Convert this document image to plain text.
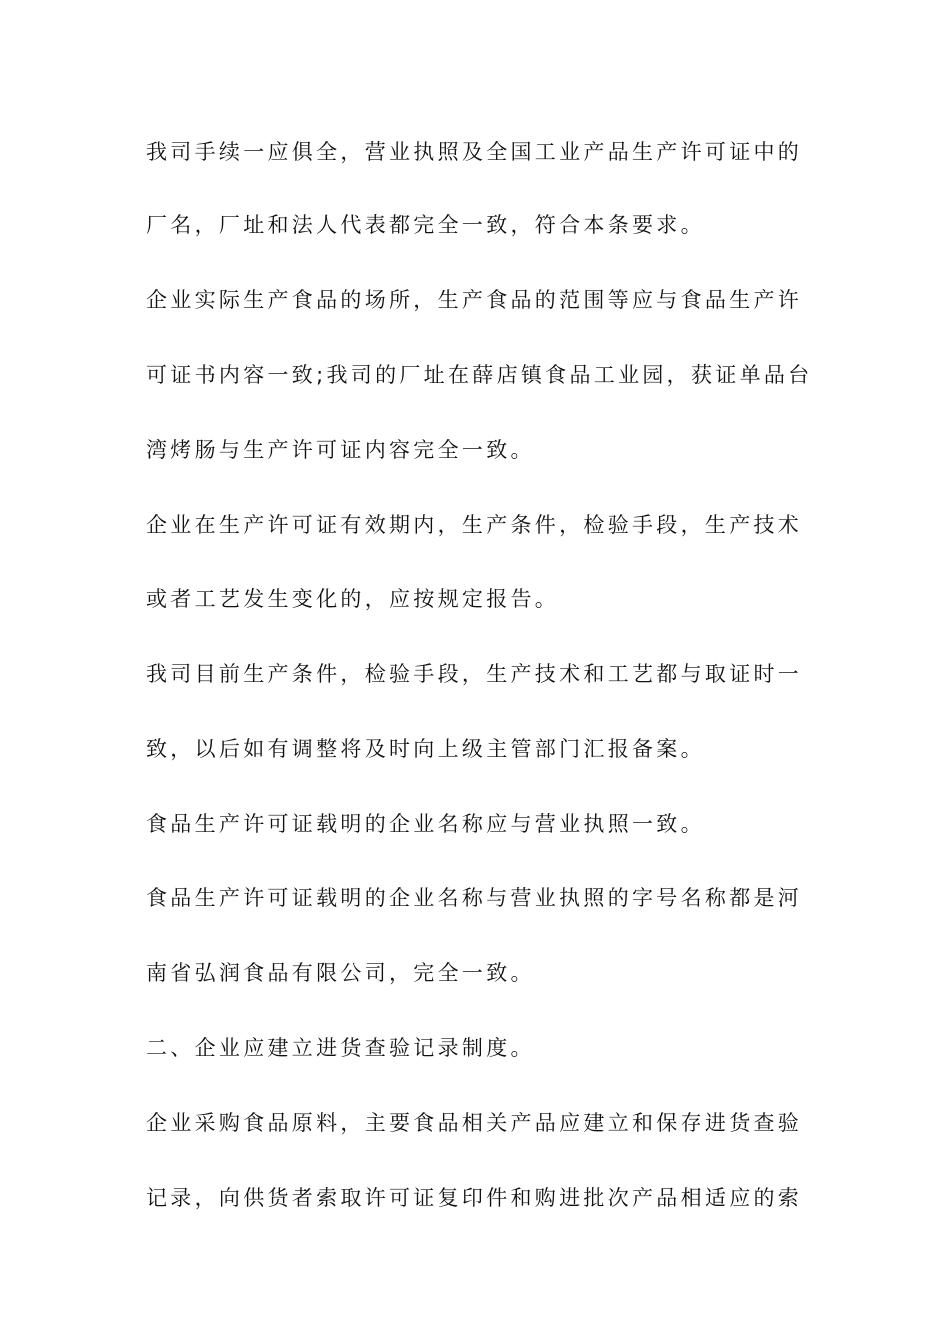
我司手续一应俱全，营业执照及全国工业产品生产许可证中的
厂名，厂址和法人代表都完全一致，符合本条要求。
企业实际生产食品的场所，生产食品的范围等应与食品生产许
可证书内容一致;我司的厂址在薛店镇食品工业园，获证单品台
湾烤肠与生产许可证内容完全一致。
企业在生产许可证有效期内，生产条件，检验手段，生产技术
或者工艺发生变化的，应按规定报告。
我司目前生产条件，检验手段，生产技术和工艺都与取证时一
致，以后如有调整将及时向上级主管部门汇报备案。
食品生产许可证载明的企业名称应与营业执照一致。
食品生产许可证载明的企业名称与营业执照的字号名称都是河
南省弘润食品有限公司，完全一致。
二、企业应建立进货查验记录制度。
企业采购食品原料，主要食品相关产品应建立和保存进货查验
记录，向供货者索取许可证复印件和购进批次产品相适应的索
